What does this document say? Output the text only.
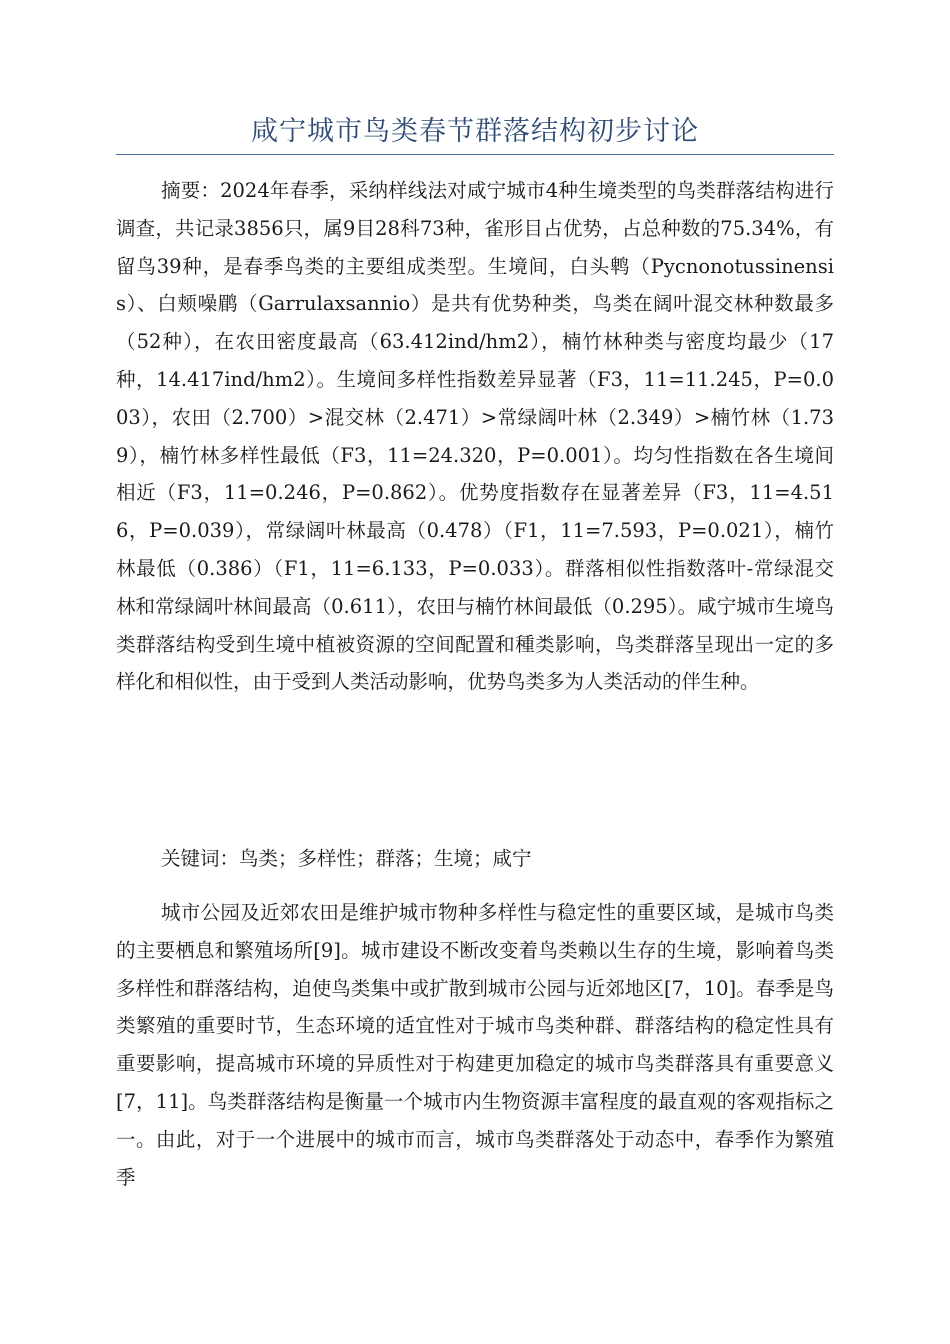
咸宁城市鸟类春节群落结构初步讨论

摘要：2024年春季，采纳样线法对咸宁城市4种生境类型的鸟类群落结构进行调查，共记录3856只，属9目28科73种，雀形目占优势，占总种数的75.34%，有留鸟39种，是春季鸟类的主要组成类型。生境间，白头鹎（Pycnonotussinensis）、白颊噪鹛（Garrulaxsannio）是共有优势种类，鸟类在阔叶混交林种数最多（52种），在农田密度最高（63.412ind/hm2），楠竹林种类与密度均最少（17种，14.417ind/hm2）。生境间多样性指数差异显著（F3，11=11.245，P=0.003），农田（2.700）>混交林（2.471）>常绿阔叶林（2.349）>楠竹林（1.739），楠竹林多样性最低（F3，11=24.320，P=0.001）。均匀性指数在各生境间相近（F3，11=0.246，P=0.862）。优势度指数存在显著差异（F3，11=4.516，P=0.039），常绿阔叶林最高（0.478）（F1，11=7.593，P=0.021），楠竹林最低（0.386）（F1，11=6.133，P=0.033）。群落相似性指数落叶-常绿混交林和常绿阔叶林间最高（0.611），农田与楠竹林间最低（0.295）。咸宁城市生境鸟类群落结构受到生境中植被资源的空间配置和種类影响，鸟类群落呈现出一定的多样化和相似性，由于受到人类活动影响，优势鸟类多为人类活动的伴生种。

关键词：鸟类；多样性；群落；生境；咸宁

城市公园及近郊农田是维护城市物种多样性与稳定性的重要区域，是城市鸟类的主要栖息和繁殖场所[9]。城市建设不断改变着鸟类赖以生存的生境，影响着鸟类多样性和群落结构，迫使鸟类集中或扩散到城市公园与近郊地区[7，10]。春季是鸟类繁殖的重要时节，生态环境的适宜性对于城市鸟类种群、群落结构的稳定性具有重要影响，提高城市环境的异质性对于构建更加稳定的城市鸟类群落具有重要意义[7，11]。鸟类群落结构是衡量一个城市内生物资源丰富程度的最直观的客观指标之一。由此，对于一个进展中的城市而言，城市鸟类群落处于动态中，春季作为繁殖季
